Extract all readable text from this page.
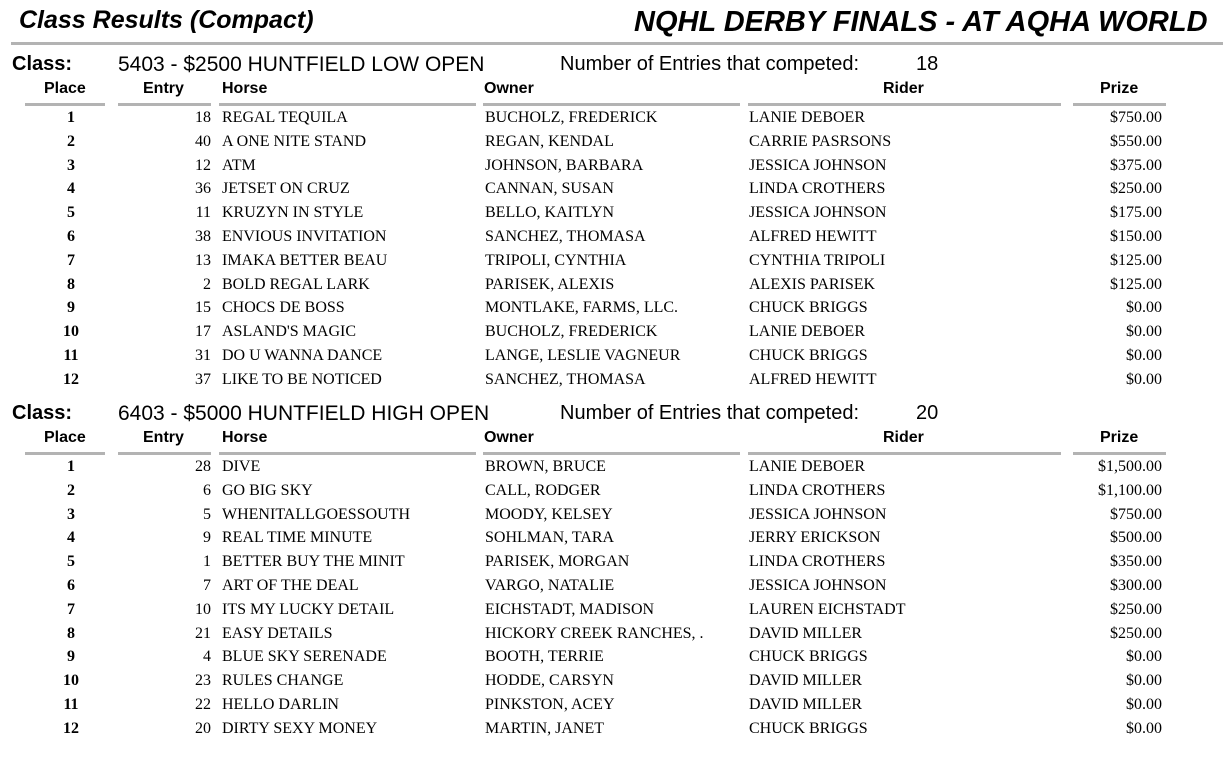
Class Results (Compact)	NQHL DERBY FINALS - AT AQHA WORLD
Class: 5403 - $2500 HUNTFIELD LOW OPEN	Number of Entries that competed:	18
Place	Entry Horse	Owner	Rider	Prize
1	18 REGAL TEQUILA	BUCHOLZ, FREDERICK	LANIE DEBOER	$750.00
2	40 A ONE NITE STAND	REGAN, KENDAL	CARRIE PASRSONS	$550.00
3	12 ATM	JOHNSON, BARBARA	JESSICA JOHNSON	$375.00
4	36 JETSET ON CRUZ	CANNAN, SUSAN	LINDA CROTHERS	$250.00
5	11 KRUZYN IN STYLE	BELLO, KAITLYN	JESSICA JOHNSON	$175.00
6	38 ENVIOUS INVITATION	SANCHEZ, THOMASA	ALFRED HEWITT	$150.00
7	13 IMAKA BETTER BEAU	TRIPOLI, CYNTHIA	CYNTHIA TRIPOLI	$125.00
8	2 BOLD REGAL LARK	PARISEK, ALEXIS	ALEXIS PARISEK	$125.00
9	15 CHOCS DE BOSS	MONTLAKE, FARMS, LLC.	CHUCK BRIGGS	$0.00
10	17 ASLAND'S MAGIC	BUCHOLZ, FREDERICK	LANIE DEBOER	$0.00
11	31 DO U WANNA DANCE	LANGE, LESLIE VAGNEUR	CHUCK BRIGGS	$0.00
12	37 LIKE TO BE NOTICED	SANCHEZ, THOMASA	ALFRED HEWITT	$0.00
Class: 6403 - $5000 HUNTFIELD HIGH OPEN	Number of Entries that competed:	20
Place	Entry Horse	Owner	Rider	Prize
1	28 DIVE	BROWN, BRUCE	LANIE DEBOER	$1,500.00
2	6 GO BIG SKY	CALL, RODGER	LINDA CROTHERS	$1,100.00
3	5 WHENITALLGOESSOUTH	MOODY, KELSEY	JESSICA JOHNSON	$750.00
4	9 REAL TIME MINUTE	SOHLMAN, TARA	JERRY ERICKSON	$500.00
5	1 BETTER BUY THE MINIT	PARISEK, MORGAN	LINDA CROTHERS	$350.00
6	7 ART OF THE DEAL	VARGO, NATALIE	JESSICA JOHNSON	$300.00
7	10 ITS MY LUCKY DETAIL	EICHSTADT, MADISON	LAUREN EICHSTADT	$250.00
8	21 EASY DETAILS	HICKORY CREEK RANCHES, .	DAVID MILLER	$250.00
9	4 BLUE SKY SERENADE	BOOTH, TERRIE	CHUCK BRIGGS	$0.00
10	23 RULES CHANGE	HODDE, CARSYN	DAVID MILLER	$0.00
11	22 HELLO DARLIN	PINKSTON, ACEY	DAVID MILLER	$0.00
12	20 DIRTY SEXY MONEY	MARTIN, JANET	CHUCK BRIGGS	$0.00
